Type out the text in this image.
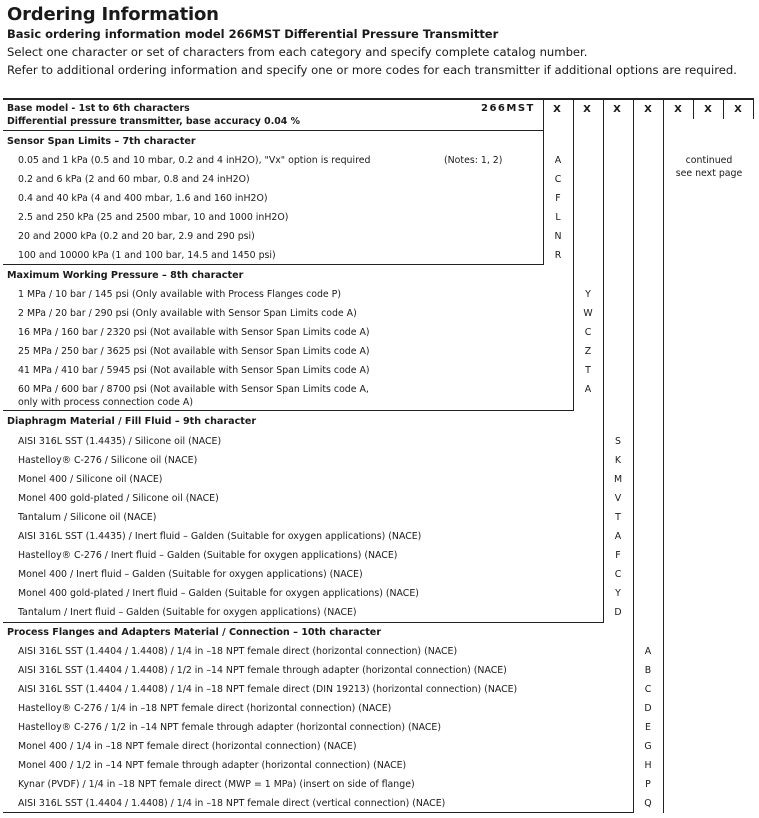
Ordering Information
Basic ordering information model 266MST Differential Pressure Transmitter
Select one character or set of characters from each category and specify complete catalog number.
Refer to additional ordering information and specify one or more codes for each transmitter if additional options are required.
Base model - 1st to 6th characters
Differential pressure transmitter, base accuracy 0.04 %
266MST	X	X	X	X	X	X	X
continued
see next page
Sensor Span Limits – 7th character
0.05 and 1 kPa (0.5 and 10 mbar, 0.2 and 4 inH2O), "Vx" option is required	(Notes: 1, 2)	A
0.2 and 6 kPa (2 and 60 mbar, 0.8 and 24 inH2O)	C
0.4 and 40 kPa (4 and 400 mbar, 1.6 and 160 inH2O)	F
2.5 and 250 kPa (25 and 2500 mbar, 10 and 1000 inH2O)	L
20 and 2000 kPa (0.2 and 20 bar, 2.9 and 290 psi)	N
100 and 10000 kPa (1 and 100 bar, 14.5 and 1450 psi)	R
Maximum Working Pressure – 8th character
1 MPa / 10 bar / 145 psi (Only available with Process Flanges code P)	Y
2 MPa / 20 bar / 290 psi (Only available with Sensor Span Limits code A)	W
16 MPa / 160 bar / 2320 psi (Not available with Sensor Span Limits code A)	C
25 MPa / 250 bar / 3625 psi (Not available with Sensor Span Limits code A)	Z
41 MPa / 410 bar / 5945 psi (Not available with Sensor Span Limits code A)	T
60 MPa / 600 bar / 8700 psi (Not available with Sensor Span Limits code A,
only with process connection code A)
A
Diaphragm Material / Fill Fluid – 9th character
AISI 316L SST (1.4435) / Silicone oil (NACE)	S
Hastelloy® C-276 / Silicone oil (NACE)	K
Monel 400 / Silicone oil (NACE)	M
Monel 400 gold-plated / Silicone oil (NACE)	V
Tantalum / Silicone oil (NACE)	T
AISI 316L SST (1.4435) / Inert fluid – Galden (Suitable for oxygen applications) (NACE)	A
Hastelloy® C-276 / Inert fluid – Galden (Suitable for oxygen applications) (NACE)	F
Monel 400 / Inert fluid – Galden (Suitable for oxygen applications) (NACE)	C
Monel 400 gold-plated / Inert fluid – Galden (Suitable for oxygen applications) (NACE)	Y
Tantalum / Inert fluid – Galden (Suitable for oxygen applications) (NACE)	D
Process Flanges and Adapters Material / Connection – 10th character
AISI 316L SST (1.4404 / 1.4408) / 1/4 in –18 NPT female direct (horizontal connection) (NACE)	A
AISI 316L SST (1.4404 / 1.4408) / 1/2 in –14 NPT female through adapter (horizontal connection) (NACE)	B
AISI 316L SST (1.4404 / 1.4408) / 1/4 in –18 NPT female direct (DIN 19213) (horizontal connection) (NACE)	C
Hastelloy® C-276 / 1/4 in –18 NPT female direct (horizontal connection) (NACE)	D
Hastelloy® C-276 / 1/2 in –14 NPT female through adapter (horizontal connection) (NACE)	E
Monel 400 / 1/4 in –18 NPT female direct (horizontal connection) (NACE)	G
Monel 400 / 1/2 in –14 NPT female through adapter (horizontal connection) (NACE)	H
Kynar (PVDF) / 1/4 in –18 NPT female direct (MWP = 1 MPa) (insert on side of flange)	P
AISI 316L SST (1.4404 / 1.4408) / 1/4 in –18 NPT female direct (vertical connection) (NACE)	Q
